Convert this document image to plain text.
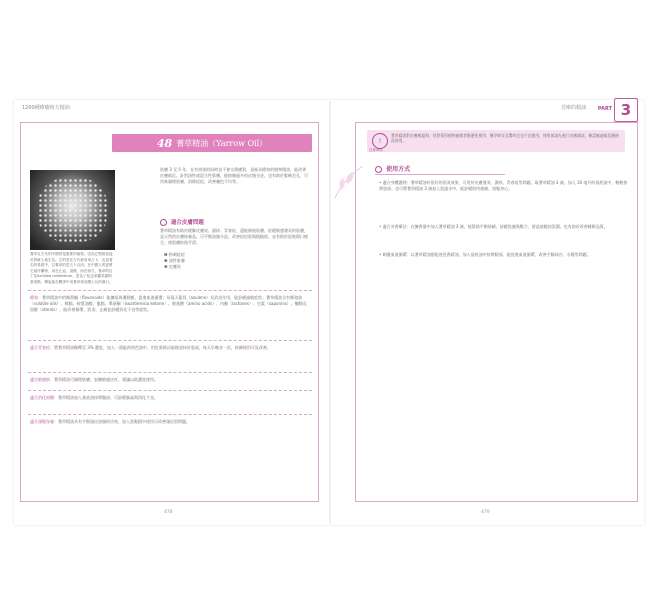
1200種療癒植方精油
48 蓍草精油（Yarrow Oil）
蓍草在古代的中國曾是重要的植物，因為它堅韌並能於貧瘠土地生長。它的莖在古代被用來占卜，也是著名的易經中，以蓍草的莖占卜吉凶。在中國人們更將它當作藥物，用在止血、退燒，而在西方，蓍草的紅丁花Achillea millefolium，是為了紀念希臘英雄阿基里斯，傳說他在戰爭中用蓍草來治療士兵的傷口。
肌膚 3 至 5 年，在有效果的同時也不會太傷膚質，是極具療效的植物精油，能改善皮膚暗沉。針對油性或混合性肌膚，能抑制過多的皮脂分泌，也有助於緊緻毛孔，可用來調理肌膚、消除痘痘、改善膚色不均等。
適合皮膚問題
蓍草精油有助於緩解皮膚炎、濕疹、青春痘，還能修復肌膚，舒緩敏感發炎的肌膚，是天然的皮膚保養品，可平衡油脂分泌，改善痘痘肌與粗糙肌，並有助於促進傷口癒合，使肌膚恢復平滑。
❶ 粉刺痘痘
❷ 油性肌膚
❸ 皮膚炎
療效：蓍草精油中的類黃酮（flavonoids）能擴張周邊動脈，促進血液循環；母菊天藍烴（azulene）具消炎作用，能舒緩過敏症狀；蓍草精油含有揮發油（volatile oils）、樟腦、桉葉油醇、龍腦、單萜酮（isoartemisia ketone）、胺基酸（amino acids）、內酯（lactones）、皂素（saponins）、醣類及固醇（sterols），能改善循環、消炎、止痛並舒緩消化不良等症狀。
適合青春痘：將蓍草精油稀釋至 3% 濃度，加入一湯匙荷荷芭油中，用化妝棉沾取後塗抹於患部，每天早晚各一次，持續使用可見改善。
適合敏感肌：蓍草精油可調理肌膚，安撫敏感泛紅，建議以低濃度使用。
適合消化困擾：蓍草精油加入基底油按摩腹部，可舒緩脹氣與消化不良。
適合頭髮保養：蓍草精油具有平衡頭皮油脂的功效，加入洗髮精中使用可改善頭皮屑問題。
478
PART
芳療的精油	3
!
注意事項
蓍草精油對皮膚較溫和，但對菊科植物過敏者應避免使用，懷孕婦女及嬰幼兒也不宜使用，使用前請先進行皮膚測試，確認無過敏反應後再使用。
使用方式
• 適合身體護理：蓍草精油有很好的消炎效果，可用於皮膚發炎、濕疹、青春痘等問題。取蓍草精油 3 滴，加入 10 毫升的基底油中，輕輕按摩患部。也可將蓍草精油 3 滴加入泡澡水中，能舒緩肌肉痠痛，放鬆身心。
• 適合芳香療法：在擴香器中加入蓍草精油 3 滴，能幫助平衡情緒，舒緩焦慮與壓力，營造放鬆的氛圍，也有助於改善睡眠品質。
• 刺激血液循環：以蓍草精油搭配迷迭香精油，加入基底油中按摩腿部，能促進血液循環，改善手腳冰冷、水腫等問題。
479
